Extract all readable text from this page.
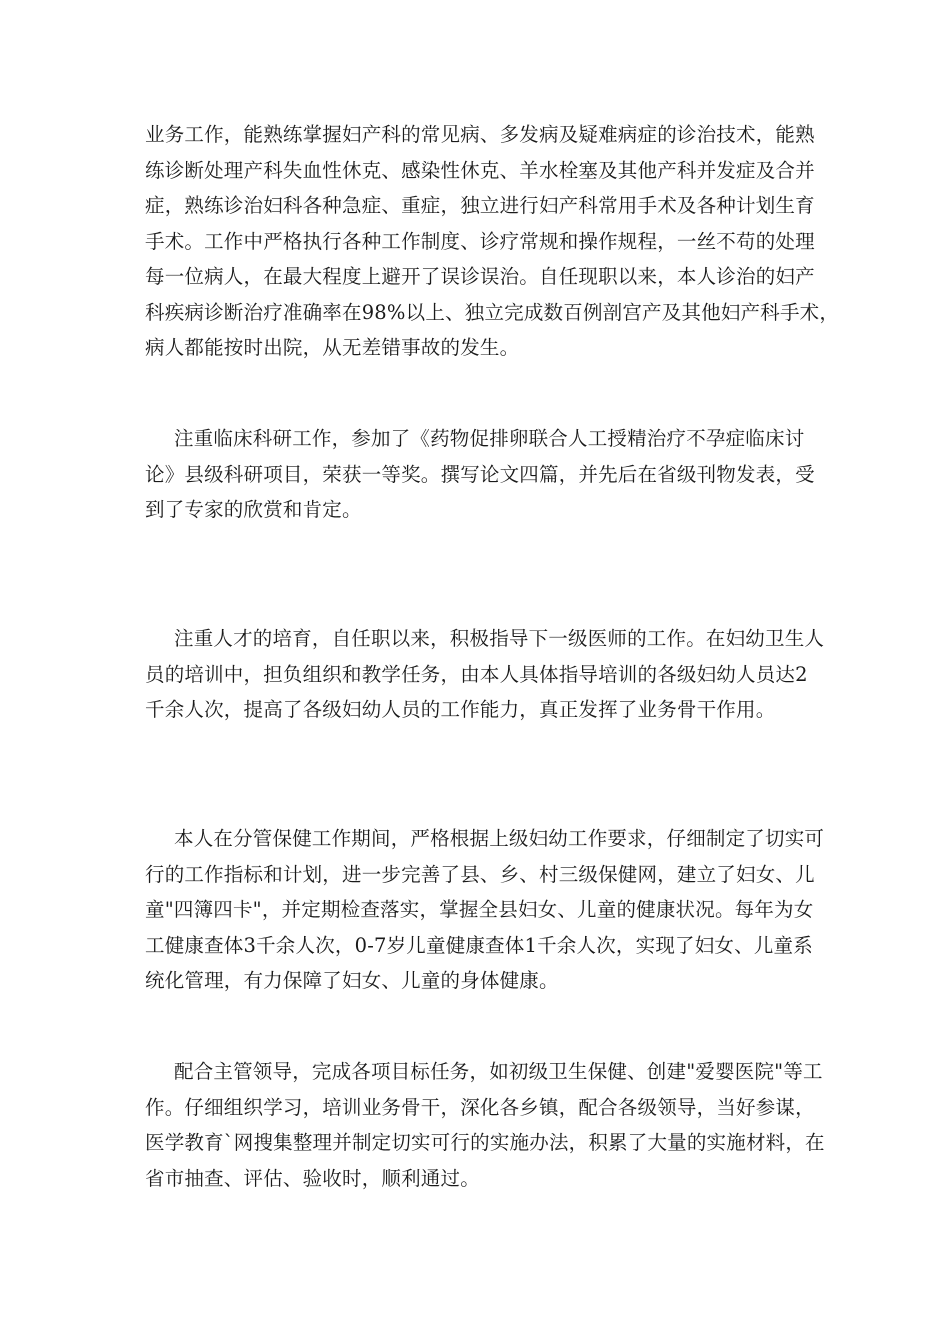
业务工作，能熟练掌握妇产科的常见病、多发病及疑难病症的诊治技术，能熟
练诊断处理产科失血性休克、感染性休克、羊水栓塞及其他产科并发症及合并
症，熟练诊治妇科各种急症、重症，独立进行妇产科常用手术及各种计划生育
手术。工作中严格执行各种工作制度、诊疗常规和操作规程，一丝不苟的处理
每一位病人，在最大程度上避开了误诊误治。自任现职以来，本人诊治的妇产
科疾病诊断治疗准确率在98%以上、独立完成数百例剖宫产及其他妇产科手术，
病人都能按时出院，从无差错事故的发生。
注重临床科研工作，参加了《药物促排卵联合人工授精治疗不孕症临床讨
论》县级科研项目，荣获一等奖。撰写论文四篇，并先后在省级刊物发表，受
到了专家的欣赏和肯定。
注重人才的培育，自任职以来，积极指导下一级医师的工作。在妇幼卫生人
员的培训中，担负组织和教学任务，由本人具体指导培训的各级妇幼人员达2
千余人次，提高了各级妇幼人员的工作能力，真正发挥了业务骨干作用。
本人在分管保健工作期间，严格根据上级妇幼工作要求，仔细制定了切实可
行的工作指标和计划，进一步完善了县、乡、村三级保健网，建立了妇女、儿
童"四簿四卡"，并定期检查落实，掌握全县妇女、儿童的健康状况。每年为女
工健康查体3千余人次，0-7岁儿童健康查体1千余人次，实现了妇女、儿童系
统化管理，有力保障了妇女、儿童的身体健康。
配合主管领导，完成各项目标任务，如初级卫生保健、创建"爱婴医院"等工
作。仔细组织学习，培训业务骨干，深化各乡镇，配合各级领导，当好参谋，
医学教育`网搜集整理并制定切实可行的实施办法，积累了大量的实施材料，在
省市抽查、评估、验收时，顺利通过。
